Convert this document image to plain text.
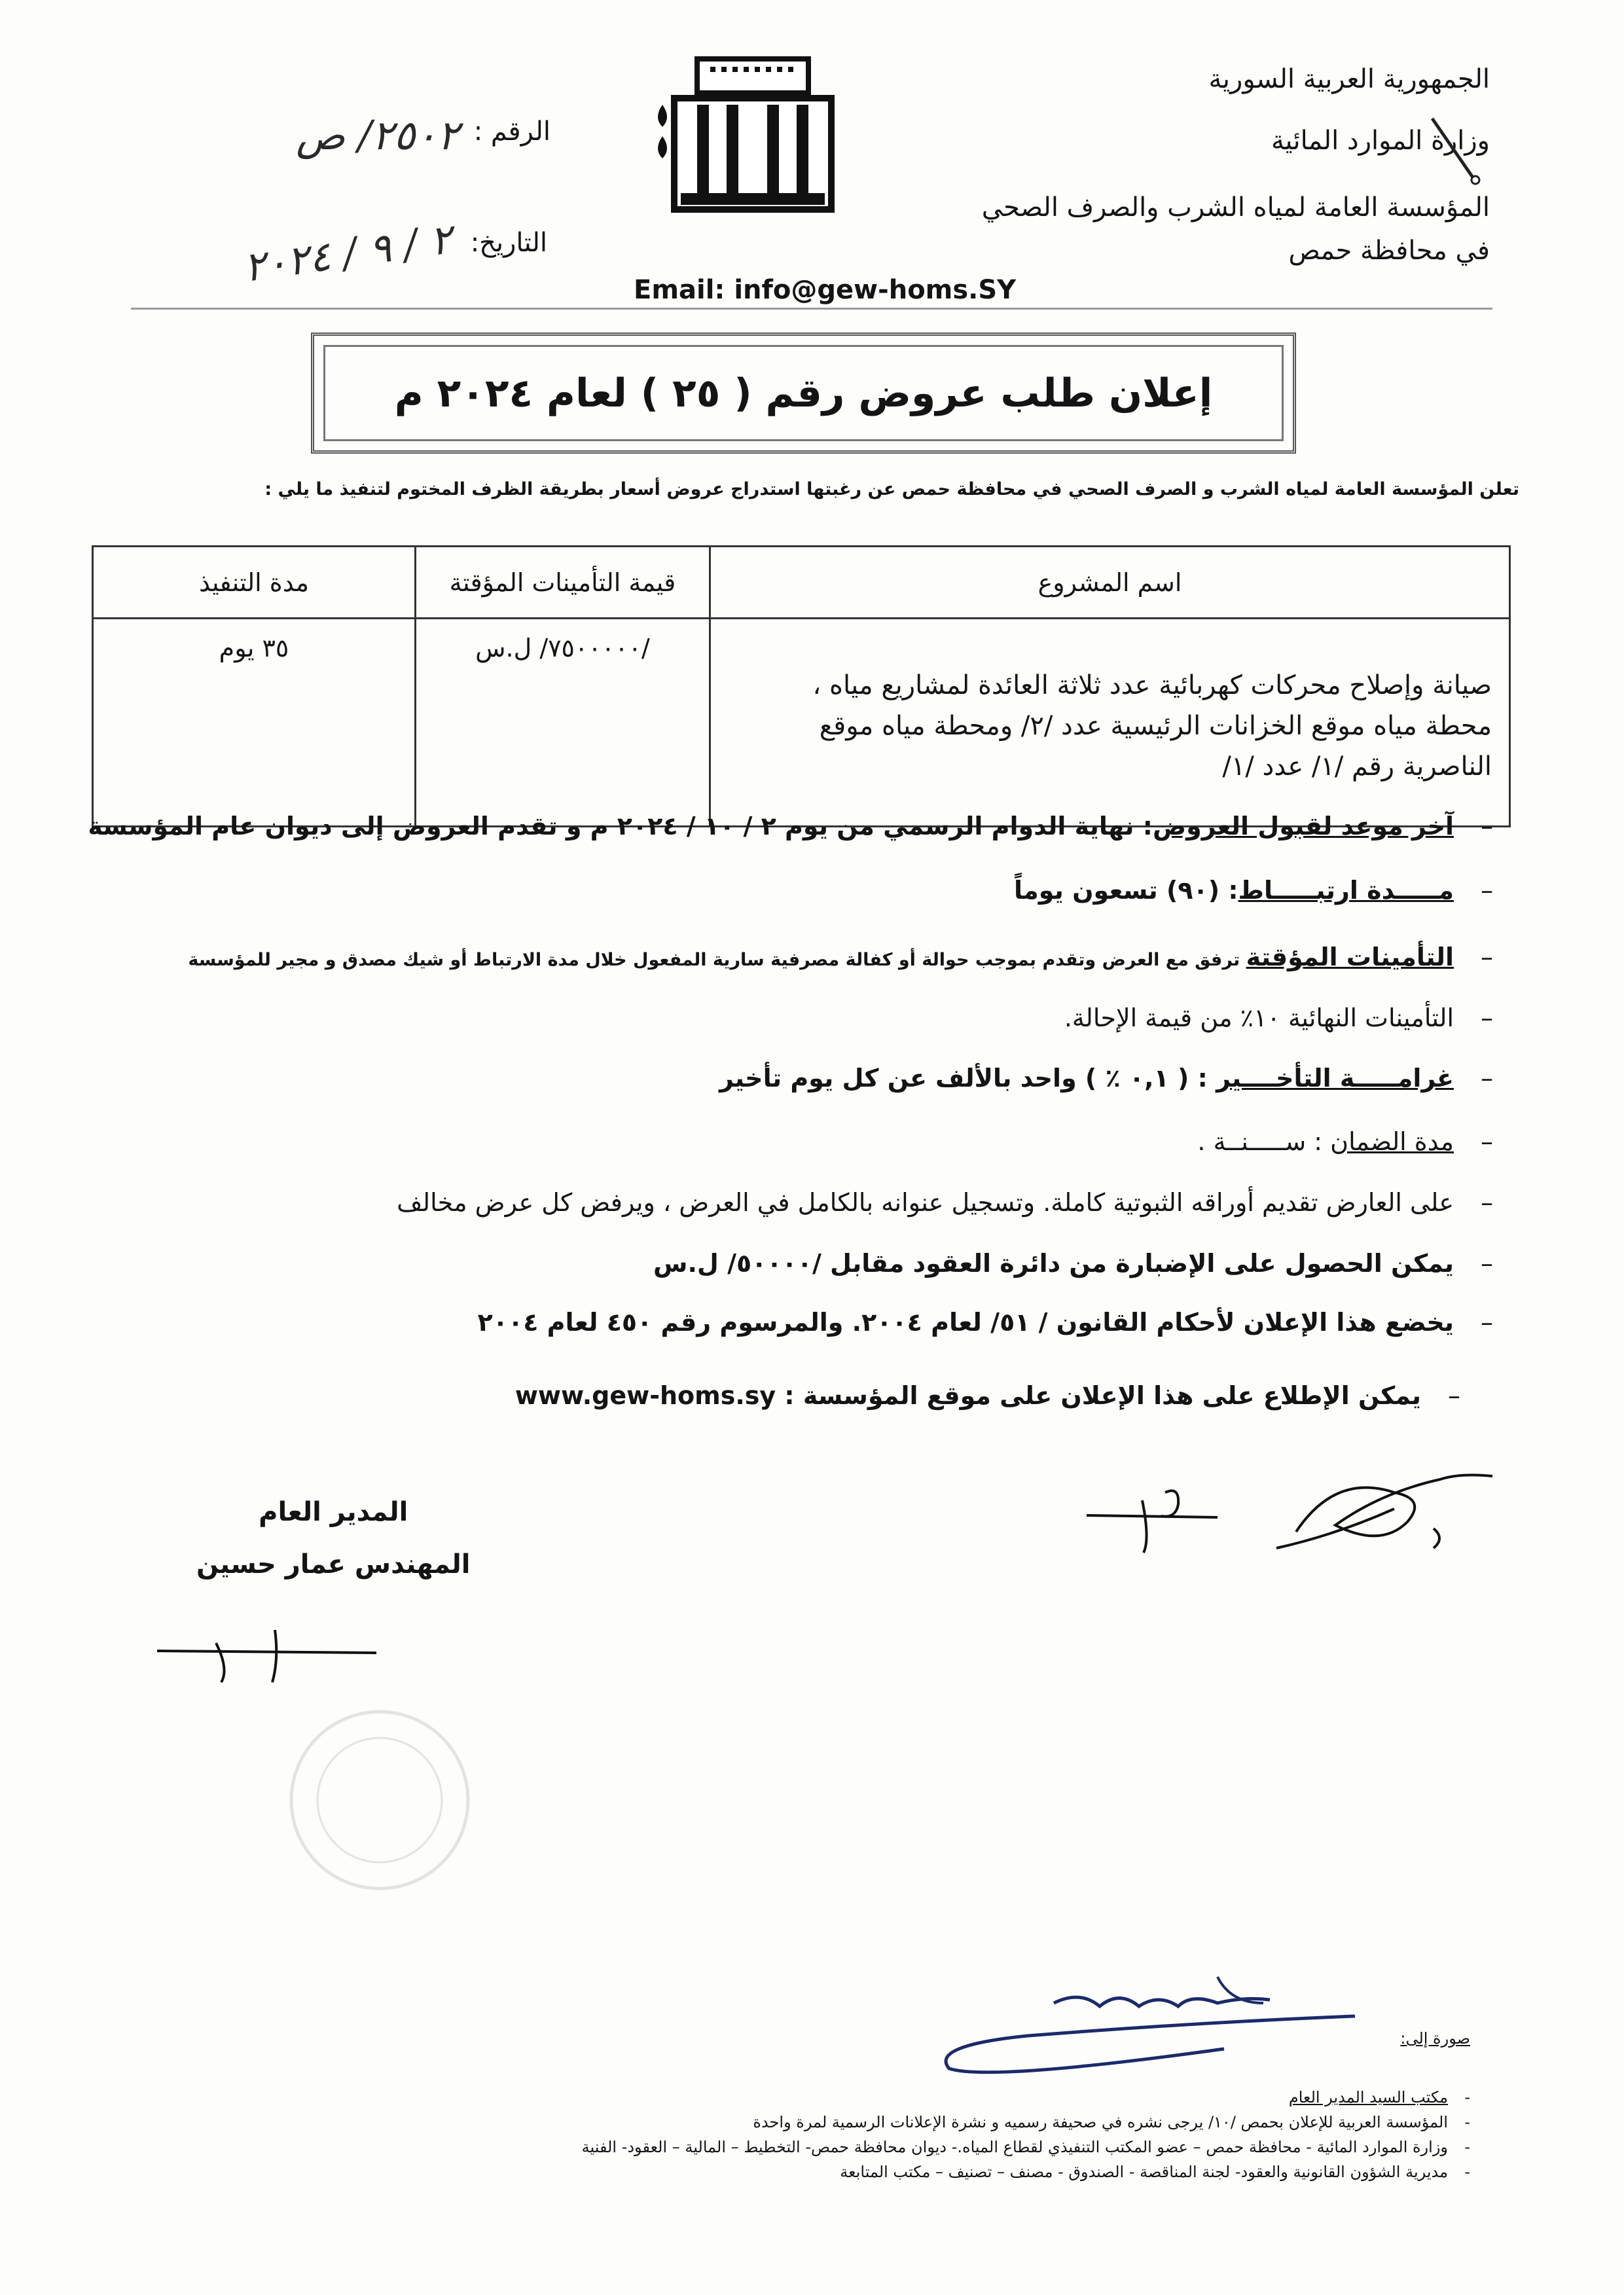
الجمهورية العربية السورية
وزارة الموارد المائية
المؤسسة العامة لمياه الشرب والصرف الصحي
في محافظة حمص
الرقم :
٢٥٠٢/ ص
التاريخ:
٢ / ٩ / ٢٠٢٤
Email: info@gew-homs.SY
إعلان طلب عروض رقم ( ٢٥ ) لعام ٢٠٢٤ م
تعلن المؤسسة العامة لمياه الشرب و الصرف الصحي في محافظة حمص عن رغبتها استدراج عروض أسعار بطريقة الظرف المختوم لتنفيذ ما يلي :
اسم المشروع	قيمة التأمينات المؤقتة	مدة التنفيذ

صيانة وإصلاح محركات كهربائية عدد ثلاثة العائدة لمشاريع مياه ،
محطة مياه موقع الخزانات الرئيسية عدد /٢/ ومحطة مياه موقع
الناصرية رقم /١/ عدد /١/	/٧٥٠٠٠٠٠/ ل.س	٣٥ يوم

– آخر موعد لقبول العروض: نهاية الدوام الرسمي من يوم ٢ / ١٠ / ٢٠٢٤ م و تقدم العروض إلى ديوان عام المؤسسة

– مـــــدة ارتبـــــاط: (٩٠) تسعون يوماً

– التأمينات المؤقتة ترفق مع العرض وتقدم بموجب حوالة أو كفالة مصرفية سارية المفعول خلال مدة الارتباط أو شيك مصدق و مجير للمؤسسة

– التأمينات النهائية ١٠٪ من قيمة الإحالة.

– غرامـــــة التأخــــير : ( ٠,١ ٪ ) واحد بالألف عن كل يوم تأخير

– مدة الضمان : ســـــنــة .

– على العارض تقديم أوراقه الثبوتية كاملة. وتسجيل عنوانه بالكامل في العرض ، ويرفض كل عرض مخالف

– يمكن الحصول على الإضبارة من دائرة العقود مقابل /٥٠٠٠٠/ ل.س

– يخضع هذا الإعلان لأحكام القانون / ٥١/ لعام ٢٠٠٤. والمرسوم رقم ٤٥٠ لعام ٢٠٠٤

– يمكن الإطلاع على هذا الإعلان على موقع المؤسسة : www.gew-homs.sy

المدير العام
المهندس عمار حسين
صورة إلى:
- مكتب السيد المدير العام
- المؤسسة العربية للإعلان بحمص /١٠/ يرجى نشره في صحيفة رسميه و نشرة الإعلانات الرسمية لمرة واحدة
- وزارة الموارد المائية - محافظة حمص – عضو المكتب التنفيذي لقطاع المياه.- ديوان محافظة حمص- التخطيط – المالية – العقود- الفنية
- مديرية الشؤون القانونية والعقود- لجنة المناقصة - الصندوق - مصنف – تصنيف – مكتب المتابعة
